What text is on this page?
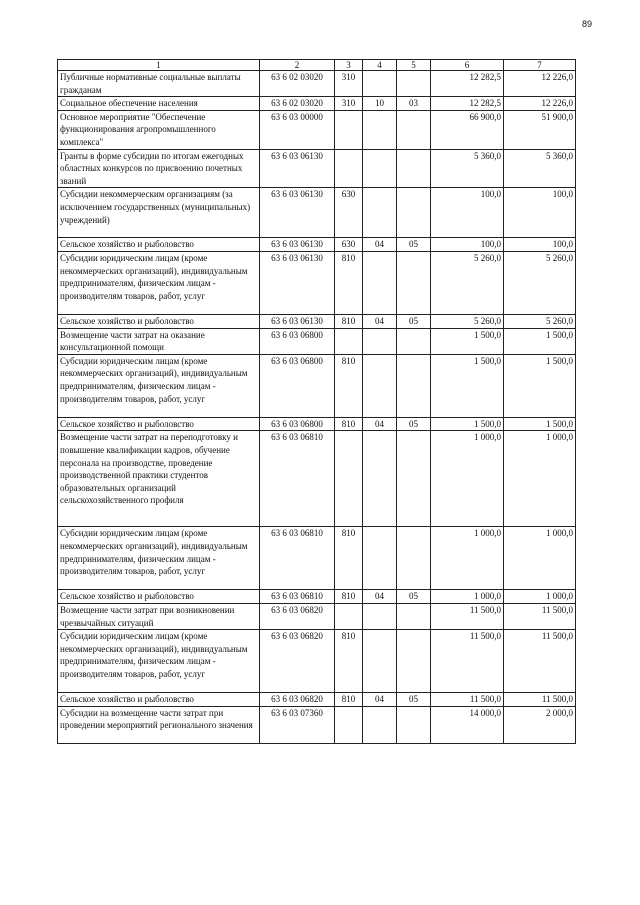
89
1	2	3	4	5	6	7
Публичные нормативные социальные выплаты гражданам	63 6 02 03020	310			12 282,5	12 226,0
Социальное обеспечение населения	63 6 02 03020	310	10	03	12 282,5	12 226,0
Основное мероприятие "Обеспечение функционирования агропромышленного комплекса"	63 6 03 00000				66 900,0	51 900,0
Гранты в форме субсидии по итогам ежегодных областных конкурсов по присвоению почетных званий	63 6 03 06130				5 360,0	5 360,0
Субсидии некоммерческим организациям (за исключением государственных (муниципальных) учреждений)	63 6 03 06130	630			100,0	100,0
Сельское хозяйство и рыболовство	63 6 03 06130	630	04	05	100,0	100,0
Субсидии юридическим лицам (кроме некоммерческих организаций), индивидуальным предпринимателям, физическим лицам - производителям товаров, работ, услуг	63 6 03 06130	810			5 260,0	5 260,0
Сельское хозяйство и рыболовство	63 6 03 06130	810	04	05	5 260,0	5 260,0
Возмещение части затрат на оказание консультационной помощи	63 6 03 06800				1 500,0	1 500,0
Субсидии юридическим лицам (кроме некоммерческих организаций), индивидуальным предпринимателям, физическим лицам - производителям товаров, работ, услуг	63 6 03 06800	810			1 500,0	1 500,0
Сельское хозяйство и рыболовство	63 6 03 06800	810	04	05	1 500,0	1 500,0
Возмещение части затрат на переподготовку и повышение квалификации кадров, обучение персонала на производстве, проведение производственной практики студентов образовательных организаций сельскохозяйственного профиля	63 6 03 06810				1 000,0	1 000,0
Субсидии юридическим лицам (кроме некоммерческих организаций), индивидуальным предпринимателям, физическим лицам - производителям товаров, работ, услуг	63 6 03 06810	810			1 000,0	1 000,0
Сельское хозяйство и рыболовство	63 6 03 06810	810	04	05	1 000,0	1 000,0
Возмещение части затрат при возникновении чрезвычайных ситуаций	63 6 03 06820				11 500,0	11 500,0
Субсидии юридическим лицам (кроме некоммерческих организаций), индивидуальным предпринимателям, физическим лицам - производителям товаров, работ, услуг	63 6 03 06820	810			11 500,0	11 500,0
Сельское хозяйство и рыболовство	63 6 03 06820	810	04	05	11 500,0	11 500,0
Субсидии на возмещение части затрат при проведении мероприятий регионального значения	63 6 03 07360				14 000,0	2 000,0
